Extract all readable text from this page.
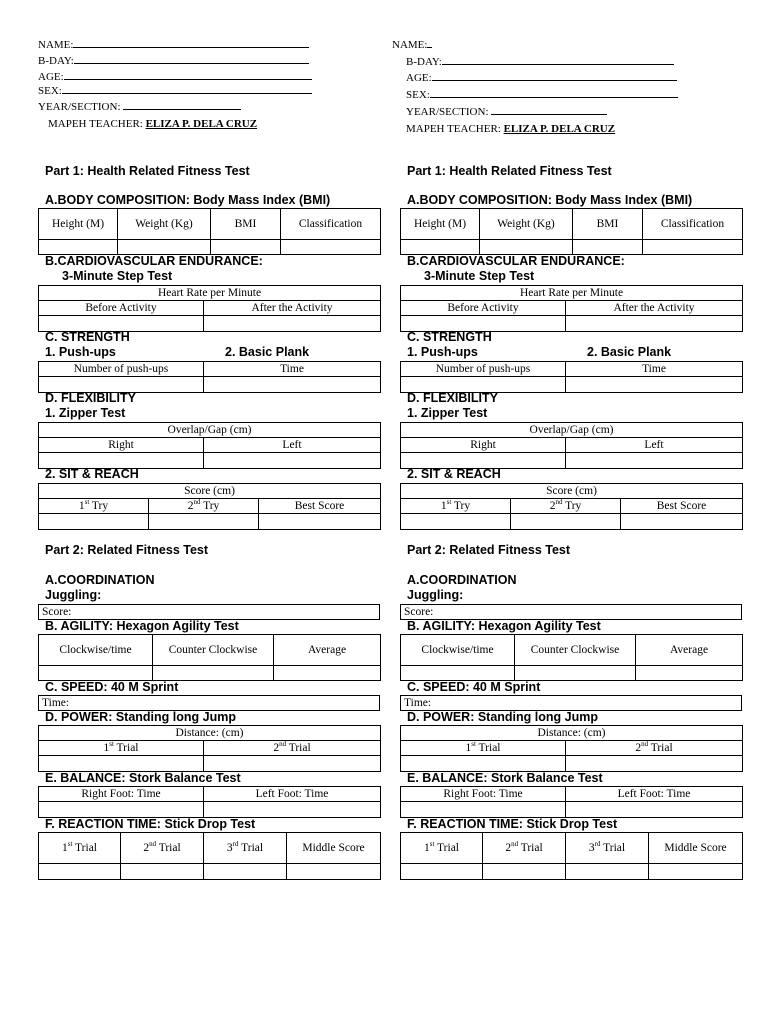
NAME:
B-DAY:
AGE:
SEX:
YEAR/SECTION:
MAPEH TEACHER: ELIZA P. DELA CRUZ
Part 1: Health Related Fitness Test
A.BODY COMPOSITION: Body Mass Index (BMI)
Height (M)	Weight (Kg)	BMI	Classification

B.CARDIOVASCULAR ENDURANCE:
3-Minute Step Test
Heart Rate per Minute	
Before Activity	After the Activity

C. STRENGTH
1. Push-ups	2. Basic Plank
Number of push-ups	Time

D. FLEXIBILITY
1. Zipper Test
Overlap/Gap (cm)	
Right	Left

2. SIT & REACH
Score (cm)		
1st Try	2nd Try	Best Score

Part 2: Related Fitness Test
A.COORDINATION
Juggling:
Score:
B. AGILITY: Hexagon Agility Test
Clockwise/time	Counter Clockwise	Average

C. SPEED: 40 M Sprint
Time:
D. POWER: Standing long Jump
Distance: (cm)	
1st Trial	2nd Trial

E. BALANCE: Stork Balance Test
Right Foot: Time	Left Foot: Time

F. REACTION TIME: Stick Drop Test
1st Trial	2nd Trial	3rd Trial	Middle Score

NAME:
B-DAY:
AGE:
SEX:
YEAR/SECTION:
MAPEH TEACHER: ELIZA P. DELA CRUZ
Part 1: Health Related Fitness Test
A.BODY COMPOSITION: Body Mass Index (BMI)
Height (M)	Weight (Kg)	BMI	Classification

B.CARDIOVASCULAR ENDURANCE:
3-Minute Step Test
Heart Rate per Minute	
Before Activity	After the Activity

C. STRENGTH
1. Push-ups	2. Basic Plank
Number of push-ups	Time

D. FLEXIBILITY
1. Zipper Test
Overlap/Gap (cm)	
Right	Left

2. SIT & REACH
Score (cm)		
1st Try	2nd Try	Best Score

Part 2: Related Fitness Test
A.COORDINATION
Juggling:
Score:
B. AGILITY: Hexagon Agility Test
Clockwise/time	Counter Clockwise	Average

C. SPEED: 40 M Sprint
Time:
D. POWER: Standing long Jump
Distance: (cm)	
1st Trial	2nd Trial

E. BALANCE: Stork Balance Test
Right Foot: Time	Left Foot: Time

F. REACTION TIME: Stick Drop Test
1st Trial	2nd Trial	3rd Trial	Middle Score
